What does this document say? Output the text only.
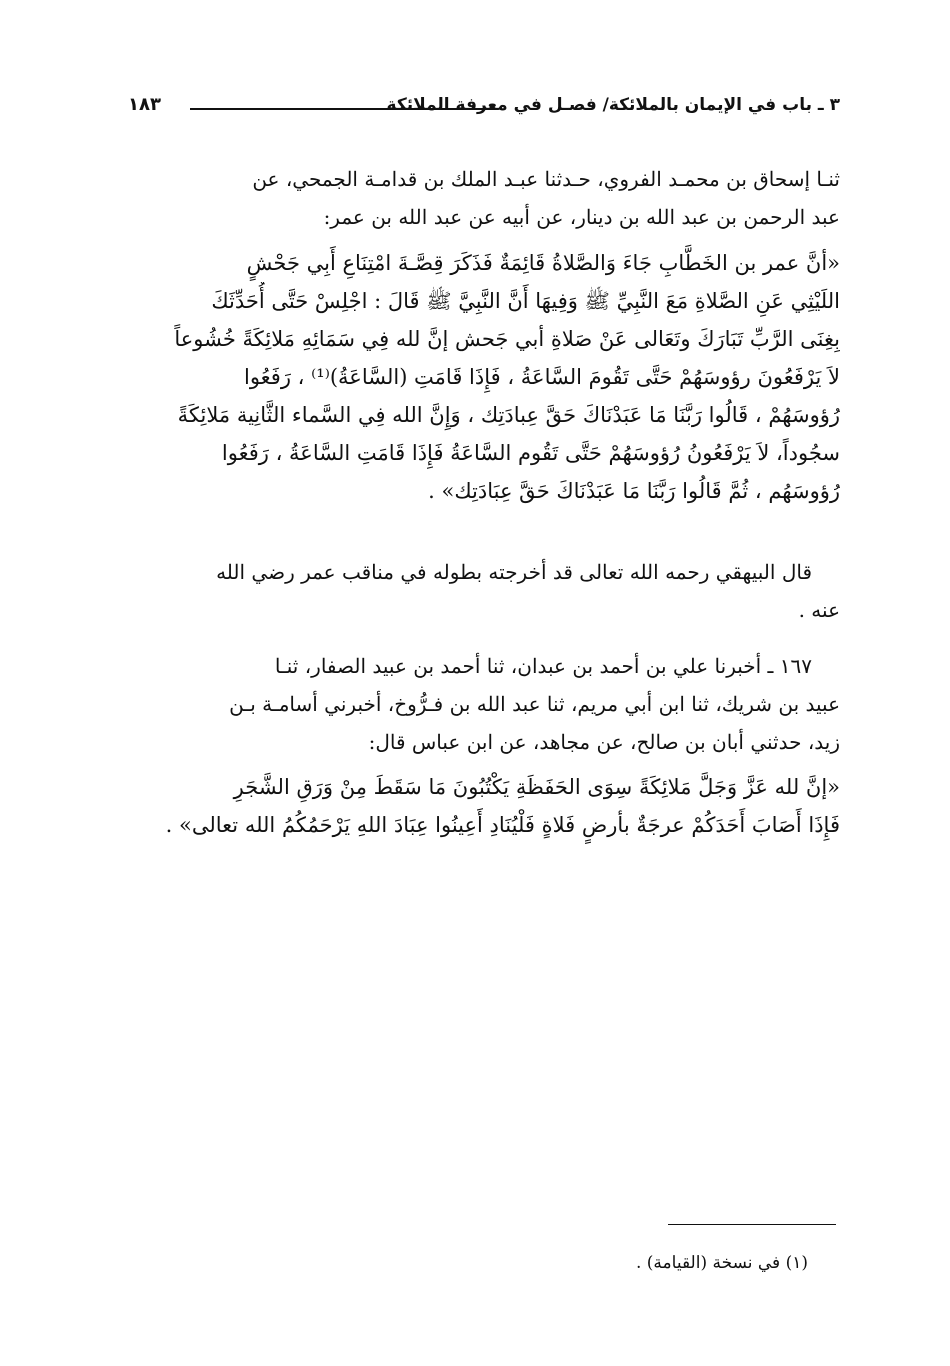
٣ ـ باب في الإيمان بالملائكة/ فصـل في معرفة الملائكة
١٨٣
ثنـا إسحاق بن محمـد الفروي، حـدثنا عبـد الملك بن قدامـة الجمحي، عن
عبد الرحمن بن عبد الله بن دينار، عن أبيه عن عبد الله بن عمر:
«أنَّ عمر بن الخَطَّابِ جَاءَ وَالصَّلاةُ قَائِمَةٌ فَذَكَرَ قِصَّـةَ امْتِنَاعِ أَبِي جَحْشٍ
اللَيْثِي عَنِ الصَّلاةِ مَعَ النَّبِيِّ ﷺ وَفِيهَا أَنَّ النَّبِيَّ ﷺ قَالَ : اجْلِسْ حَتَّى أُحَدِّثَكَ
بِغِنَى الرَّبِّ تَبَارَكَ وتَعَالى عَنْ صَلاةِ أبي جَحش إنَّ لله فِي سَمَائِهِ مَلائِكَةً خُشُوعاً
لاَ يَرْفَعُونَ رؤوسَهُمْ حَتَّى تَقُومَ السَّاعَةُ ، فَإِذَا قَامَتِ (السَّاعَةُ)⁽¹⁾ ، رَفَعُوا
رُؤوسَهُمْ ، قَالُوا رَبَّنَا مَا عَبَدْنَاكَ حَقَّ عِبادَتِك ، وَإِنَّ الله فِي السَّماء الثَّانِية مَلائِكَةً
سجُوداً، لاَ يَرْفَعُونُ رُؤوسَهُمْ حَتَّى تَقُوم السَّاعَةُ فَإِذَا قَامَتِ السَّاعَةُ ، رَفَعُوا
رُؤوسَهُم ، ثُمَّ قَالُوا رَبَّنَا مَا عَبَدْنَاكَ حَقَّ عِبَادَتِك» .
قال البيهقي رحمه الله تعالى قد أخرجته بطوله في مناقب عمر رضي الله
عنه .
١٦٧ ـ أخبرنا علي بن أحمد بن عبدان، ثنا أحمد بن عبيد الصفار، ثنـا
عبيد بن شريك، ثنا ابن أبي مريم، ثنا عبد الله بن فـرُّوخ، أخبرني أسامـة بـن
زيد، حدثني أبان بن صالح، عن مجاهد، عن ابن عباس قال:
«إنَّ لله عَزَّ وَجَلَّ مَلائِكَةً سِوَى الحَفَظَةِ يَكْتُبُونَ مَا سَقَطَ مِنْ وَرَقِ الشَّجَرِ
فَإِذَا أَصَابَ أَحَدَكُمْ عرجَةٌ بأرضٍ فَلاةٍ فَلْيُنَادِ أَعِينُوا عِبَادَ اللهِ يَرْحَمُكُمُ الله تعالى» .
(١) في نسخة (القيامة) .
